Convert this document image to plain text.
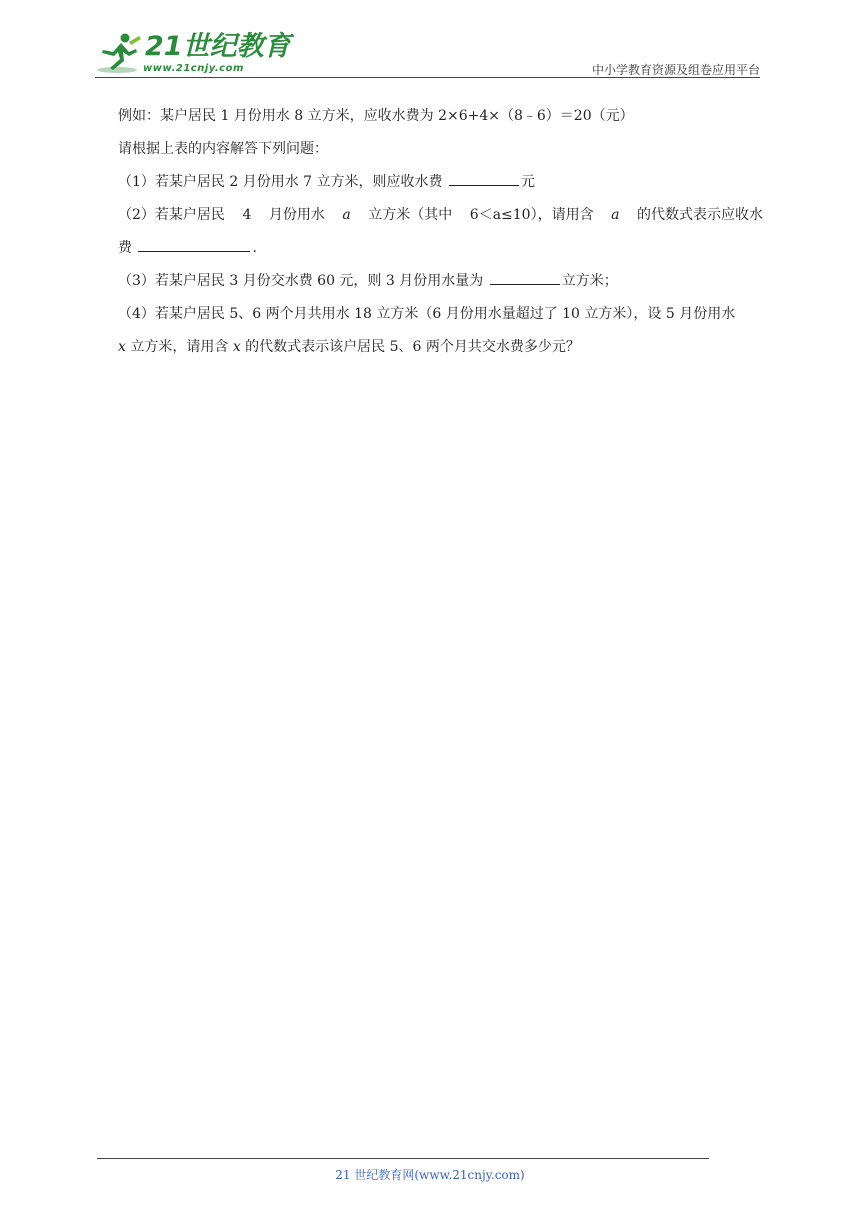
21世纪教育
www.21cnjy.com	中小学教育资源及组卷应用平台
例如：某户居民 1 月份用水 8 立方米，应收水费为 2×6+4×（8﹣6）＝20（元）
请根据上表的内容解答下列问题：
（1）若某户居民 2 月份用水 7 立方米，则应收水费	元
（2）若某户居民 4 月份用水 a 立方米（其中 6＜a≤10），请用含 a 的代数式表示应收水
费	.
（3）若某户居民 3 月份交水费 60 元，则 3 月份用水量为	立方米；
（4）若某户居民 5、6 两个月共用水 18 立方米（6 月份用水量超过了 10 立方米），设 5 月份用水
x 立方米，请用含 x 的代数式表示该户居民 5、6 两个月共交水费多少元？
21 世纪教育网(www.21cnjy.com)
